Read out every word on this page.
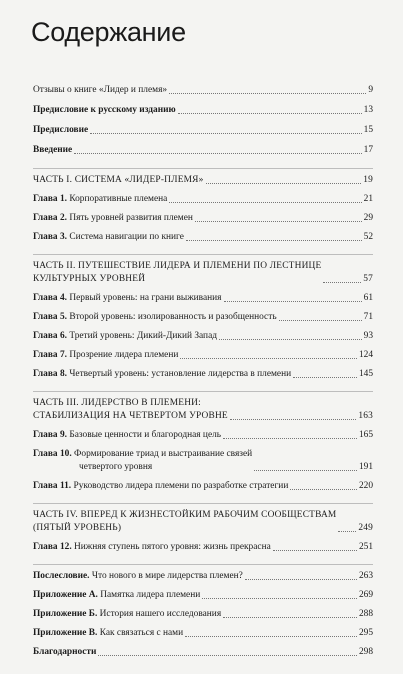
Содержание
Отзывы о книге «Лидер и племя»	9
Предисловие к русскому изданию	13
Предисловие	15
Введение	17
ЧАСТЬ I. СИСТЕМА «ЛИДЕР-ПЛЕМЯ»	19
Глава 1. Корпоративные племена	21
Глава 2. Пять уровней развития племен	29
Глава 3. Система навигации по книге	52
ЧАСТЬ II. ПУТЕШЕСТВИЕ ЛИДЕРА И ПЛЕМЕНИ ПО ЛЕСТНИЦЕ
КУЛЬТУРНЫХ УРОВНЕЙ	57
Глава 4. Первый уровень: на грани выживания	61
Глава 5. Второй уровень: изолированность и разобщенность	71
Глава 6. Третий уровень: Дикий-Дикий Запад	93
Глава 7. Прозрение лидера племени	124
Глава 8. Четвертый уровень: установление лидерства в племени	145
ЧАСТЬ III. ЛИДЕРСТВО В ПЛЕМЕНИ:
СТАБИЛИЗАЦИЯ НА ЧЕТВЕРТОМ УРОВНЕ	163
Глава 9. Базовые ценности и благородная цель	165
Глава 10. Формирование триад и выстраивание связей
четвертого уровня	191
Глава 11. Руководство лидера племени по разработке стратегии	220
ЧАСТЬ IV. ВПЕРЕД К ЖИЗНЕСТОЙКИМ РАБОЧИМ СООБЩЕСТВАМ
(ПЯТЫЙ УРОВЕНЬ)	249
Глава 12. Нижняя ступень пятого уровня: жизнь прекрасна	251
Послесловие. Что нового в мире лидерства племен?	263
Приложение А. Памятка лидера племени	269
Приложение Б. История нашего исследования	288
Приложение В. Как связаться с нами	295
Благодарности	298
